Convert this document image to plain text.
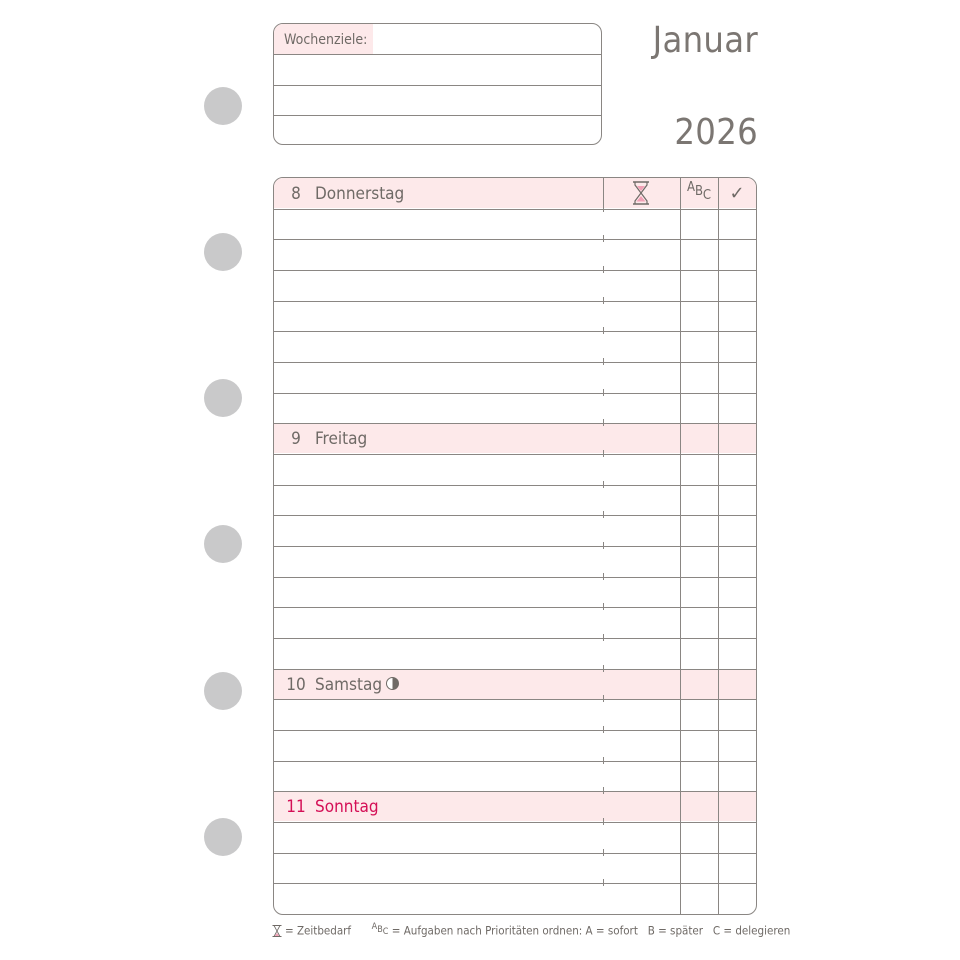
Wochenziele:	Januar
2026
ABC	✓
8 Donnerstag
9 Freitag
10 Samstag
11 Sonntag
= Zeitbedarf ABC = Aufgaben nach Prioritäten ordnen: A = sofort   B = später   C = delegieren
